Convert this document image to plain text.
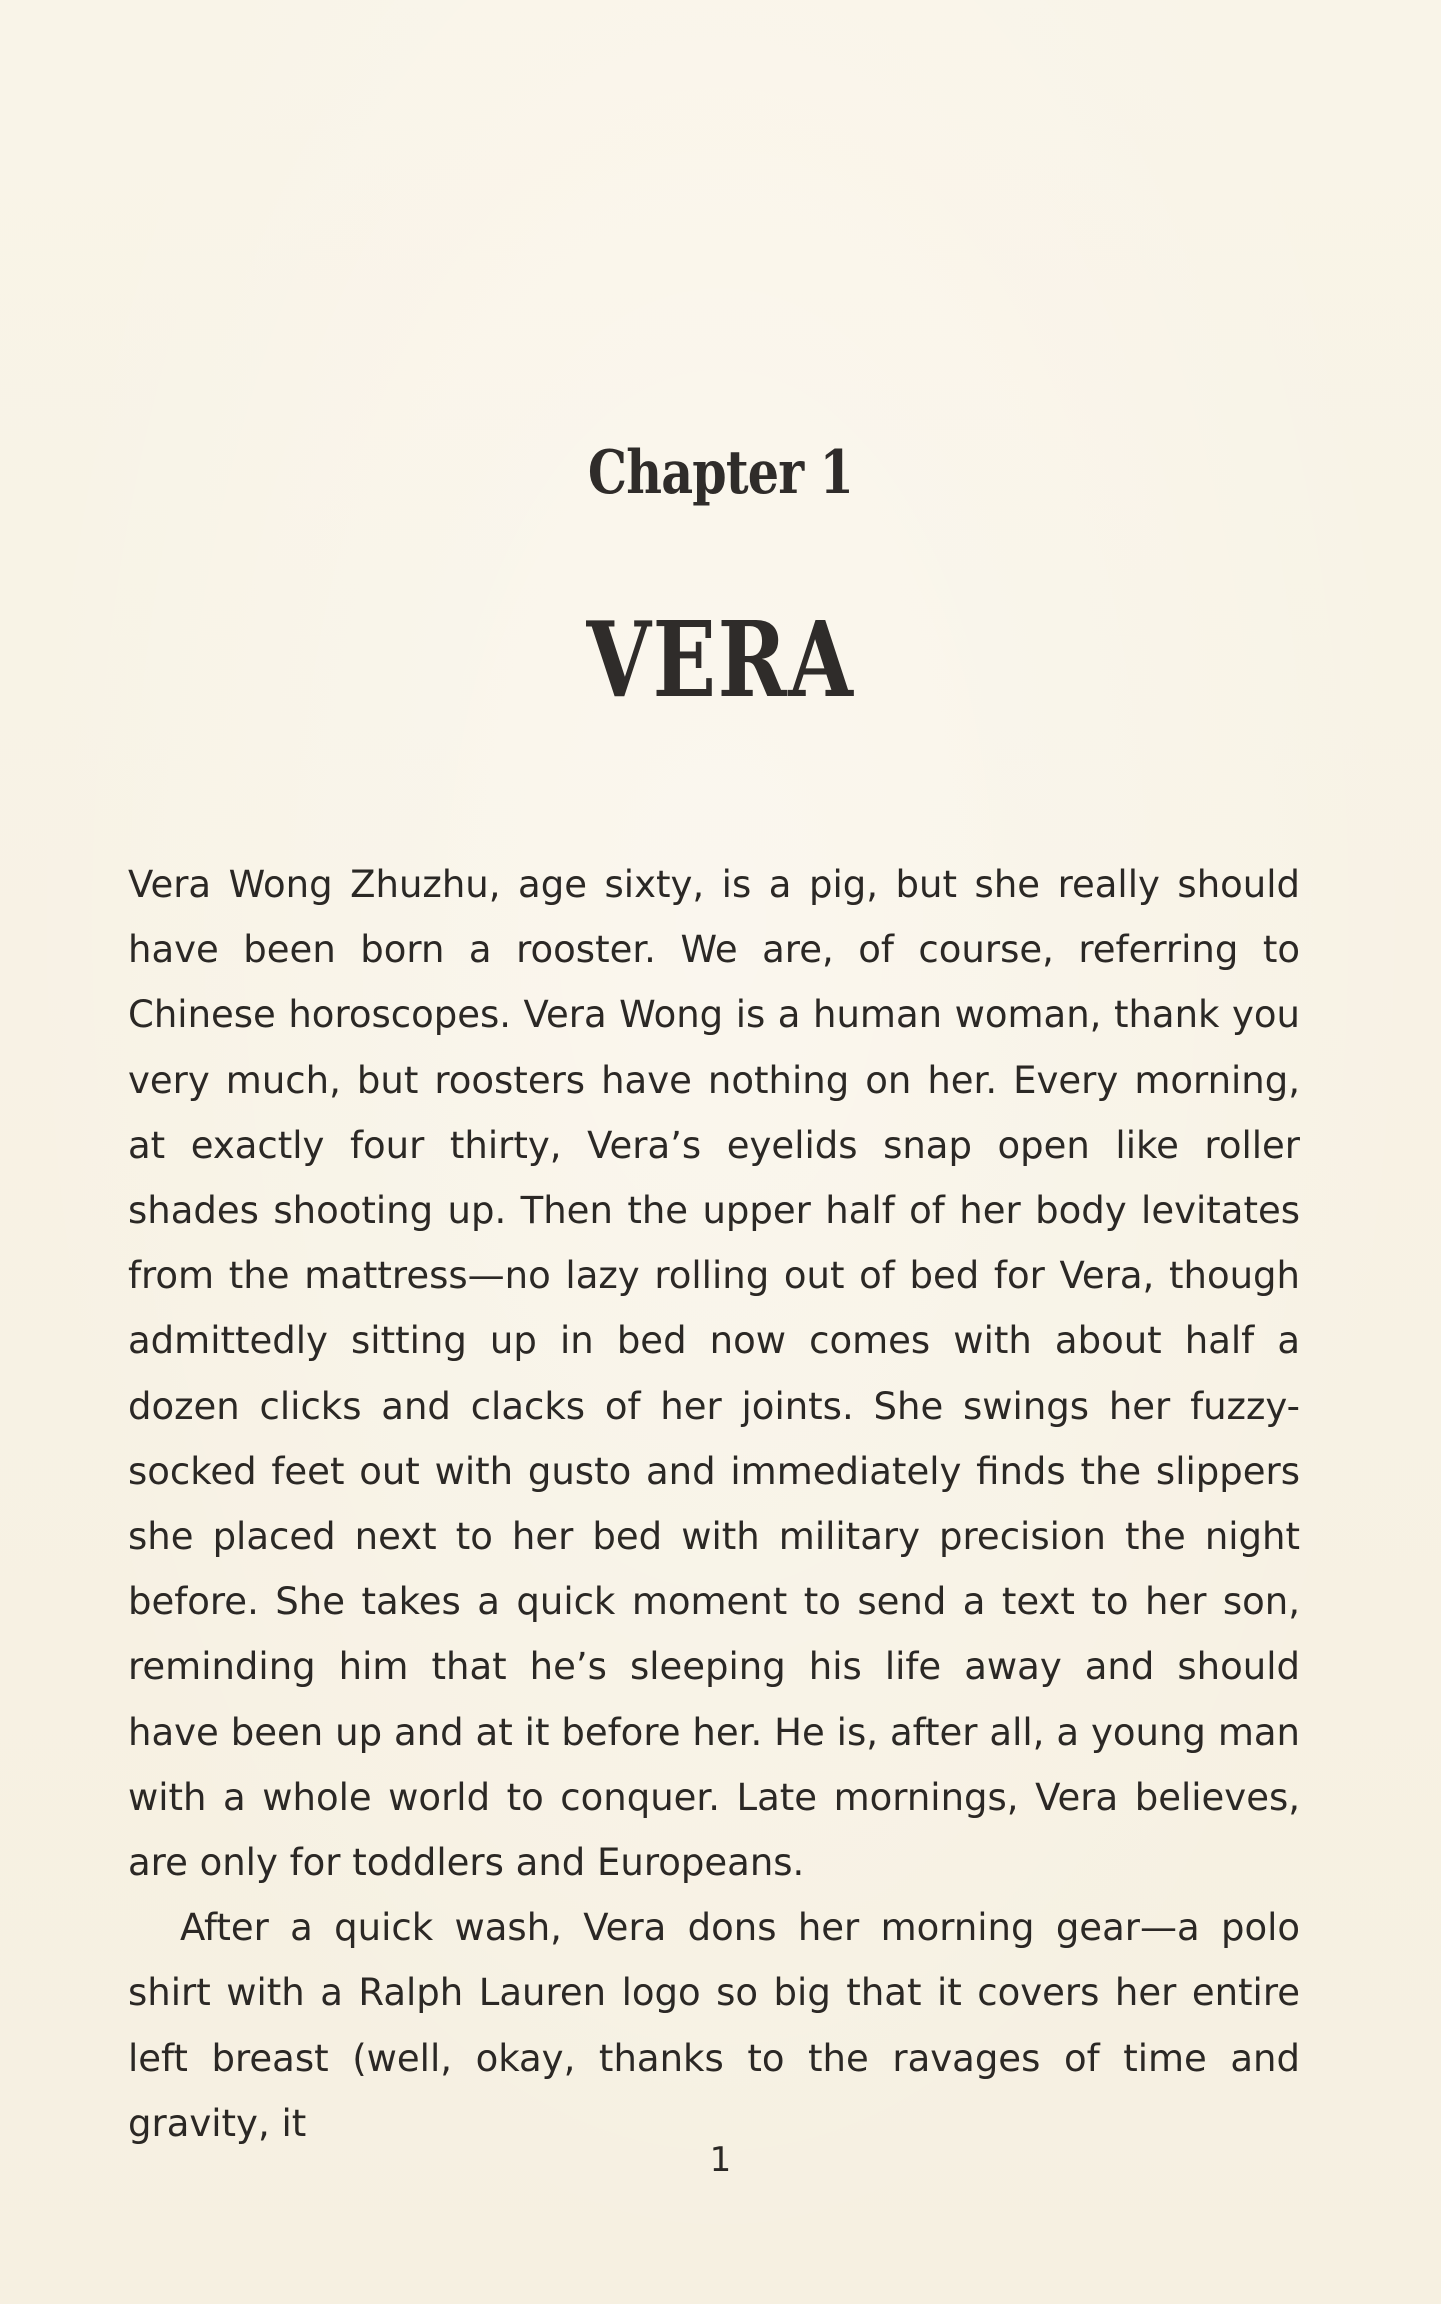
Chapter 1
VERA

Vera Wong Zhuzhu, age sixty, is a pig, but she really should have been born a rooster. We are, of course, referring to Chinese horoscopes. Vera Wong is a human woman, thank you very much, but roosters have nothing on her. Every morning, at exactly four thirty, Vera’s eyelids snap open like roller shades shooting up. Then the upper half of her body levitates from the mattress—no lazy rolling out of bed for Vera, though admittedly sitting up in bed now comes with about half a dozen clicks and clacks of her joints. She swings her fuzzy-socked feet out with gusto and immediately finds the slippers she placed next to her bed with military precision the night before. She takes a quick moment to send a text to her son, reminding him that he’s sleeping his life away and should have been up and at it before her. He is, after all, a young man with a whole world to conquer. Late mornings, Vera believes, are only for toddlers and Europeans.

After a quick wash, Vera dons her morning gear—a polo shirt with a Ralph Lauren logo so big that it covers her entire left breast (well, okay, thanks to the ravages of time and gravity, it

1
